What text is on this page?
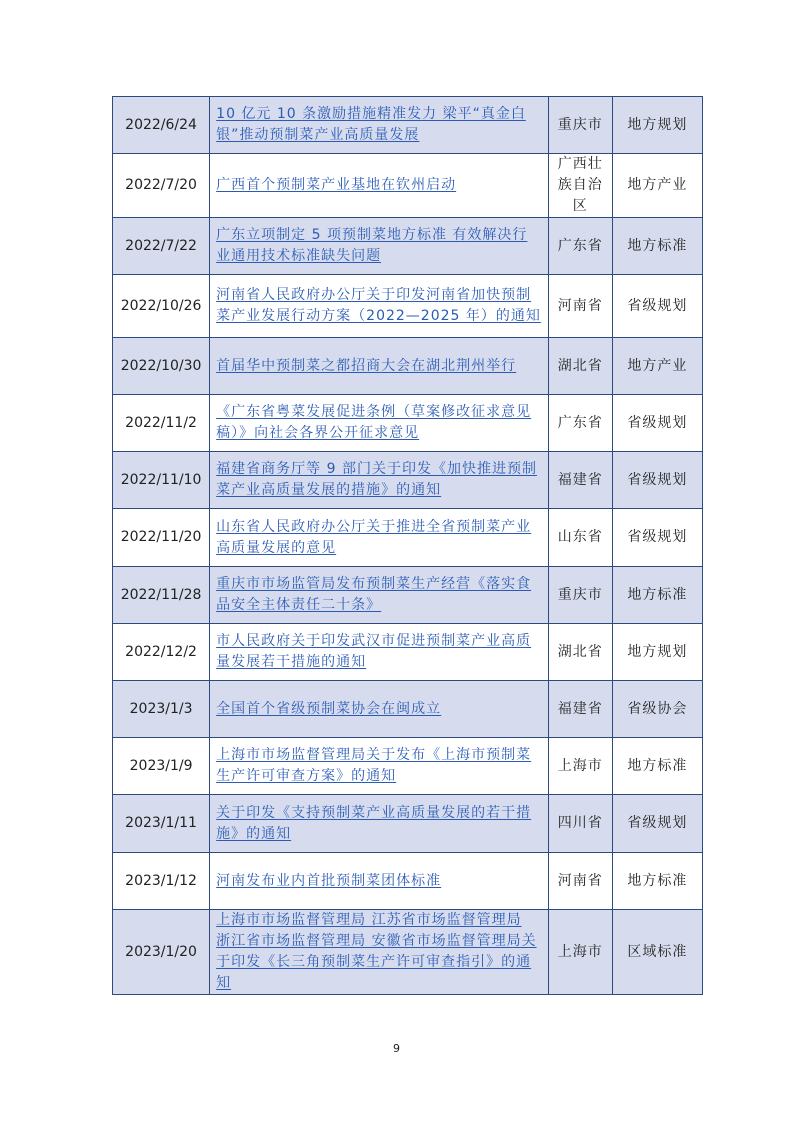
2022/6/24	10 亿元 10 条激励措施精准发力 梁平“真金白银”推动预制菜产业高质量发展	重庆市	地方规划
2022/7/20	广西首个预制菜产业基地在钦州启动	广西壮族自治区	地方产业
2022/7/22	广东立项制定 5 项预制菜地方标准 有效解决行业通用技术标准缺失问题	广东省	地方标准
2022/10/26	河南省人民政府办公厅关于印发河南省加快预制菜产业发展行动方案（2022—2025 年）的通知	河南省	省级规划
2022/10/30	首届华中预制菜之都招商大会在湖北荆州举行	湖北省	地方产业
2022/11/2	《广东省粤菜发展促进条例（草案修改征求意见稿）》向社会各界公开征求意见	广东省	省级规划
2022/11/10	福建省商务厅等 9 部门关于印发《加快推进预制菜产业高质量发展的措施》的通知	福建省	省级规划
2022/11/20	山东省人民政府办公厅关于推进全省预制菜产业高质量发展的意见	山东省	省级规划
2022/11/28	重庆市市场监管局发布预制菜生产经营《落实食品安全主体责任二十条》	重庆市	地方标准
2022/12/2	市人民政府关于印发武汉市促进预制菜产业高质量发展若干措施的通知	湖北省	地方规划
2023/1/3	全国首个省级预制菜协会在闽成立	福建省	省级协会
2023/1/9	上海市市场监督管理局关于发布《上海市预制菜生产许可审查方案》的通知	上海市	地方标准
2023/1/11	关于印发《支持预制菜产业高质量发展的若干措施》的通知	四川省	省级规划
2023/1/12	河南发布业内首批预制菜团体标准	河南省	地方标准
2023/1/20	上海市市场监督管理局 江苏省市场监督管理局 浙江省市场监督管理局 安徽省市场监督管理局关于印发《长三角预制菜生产许可审查指引》的通知	上海市	区域标准
9
